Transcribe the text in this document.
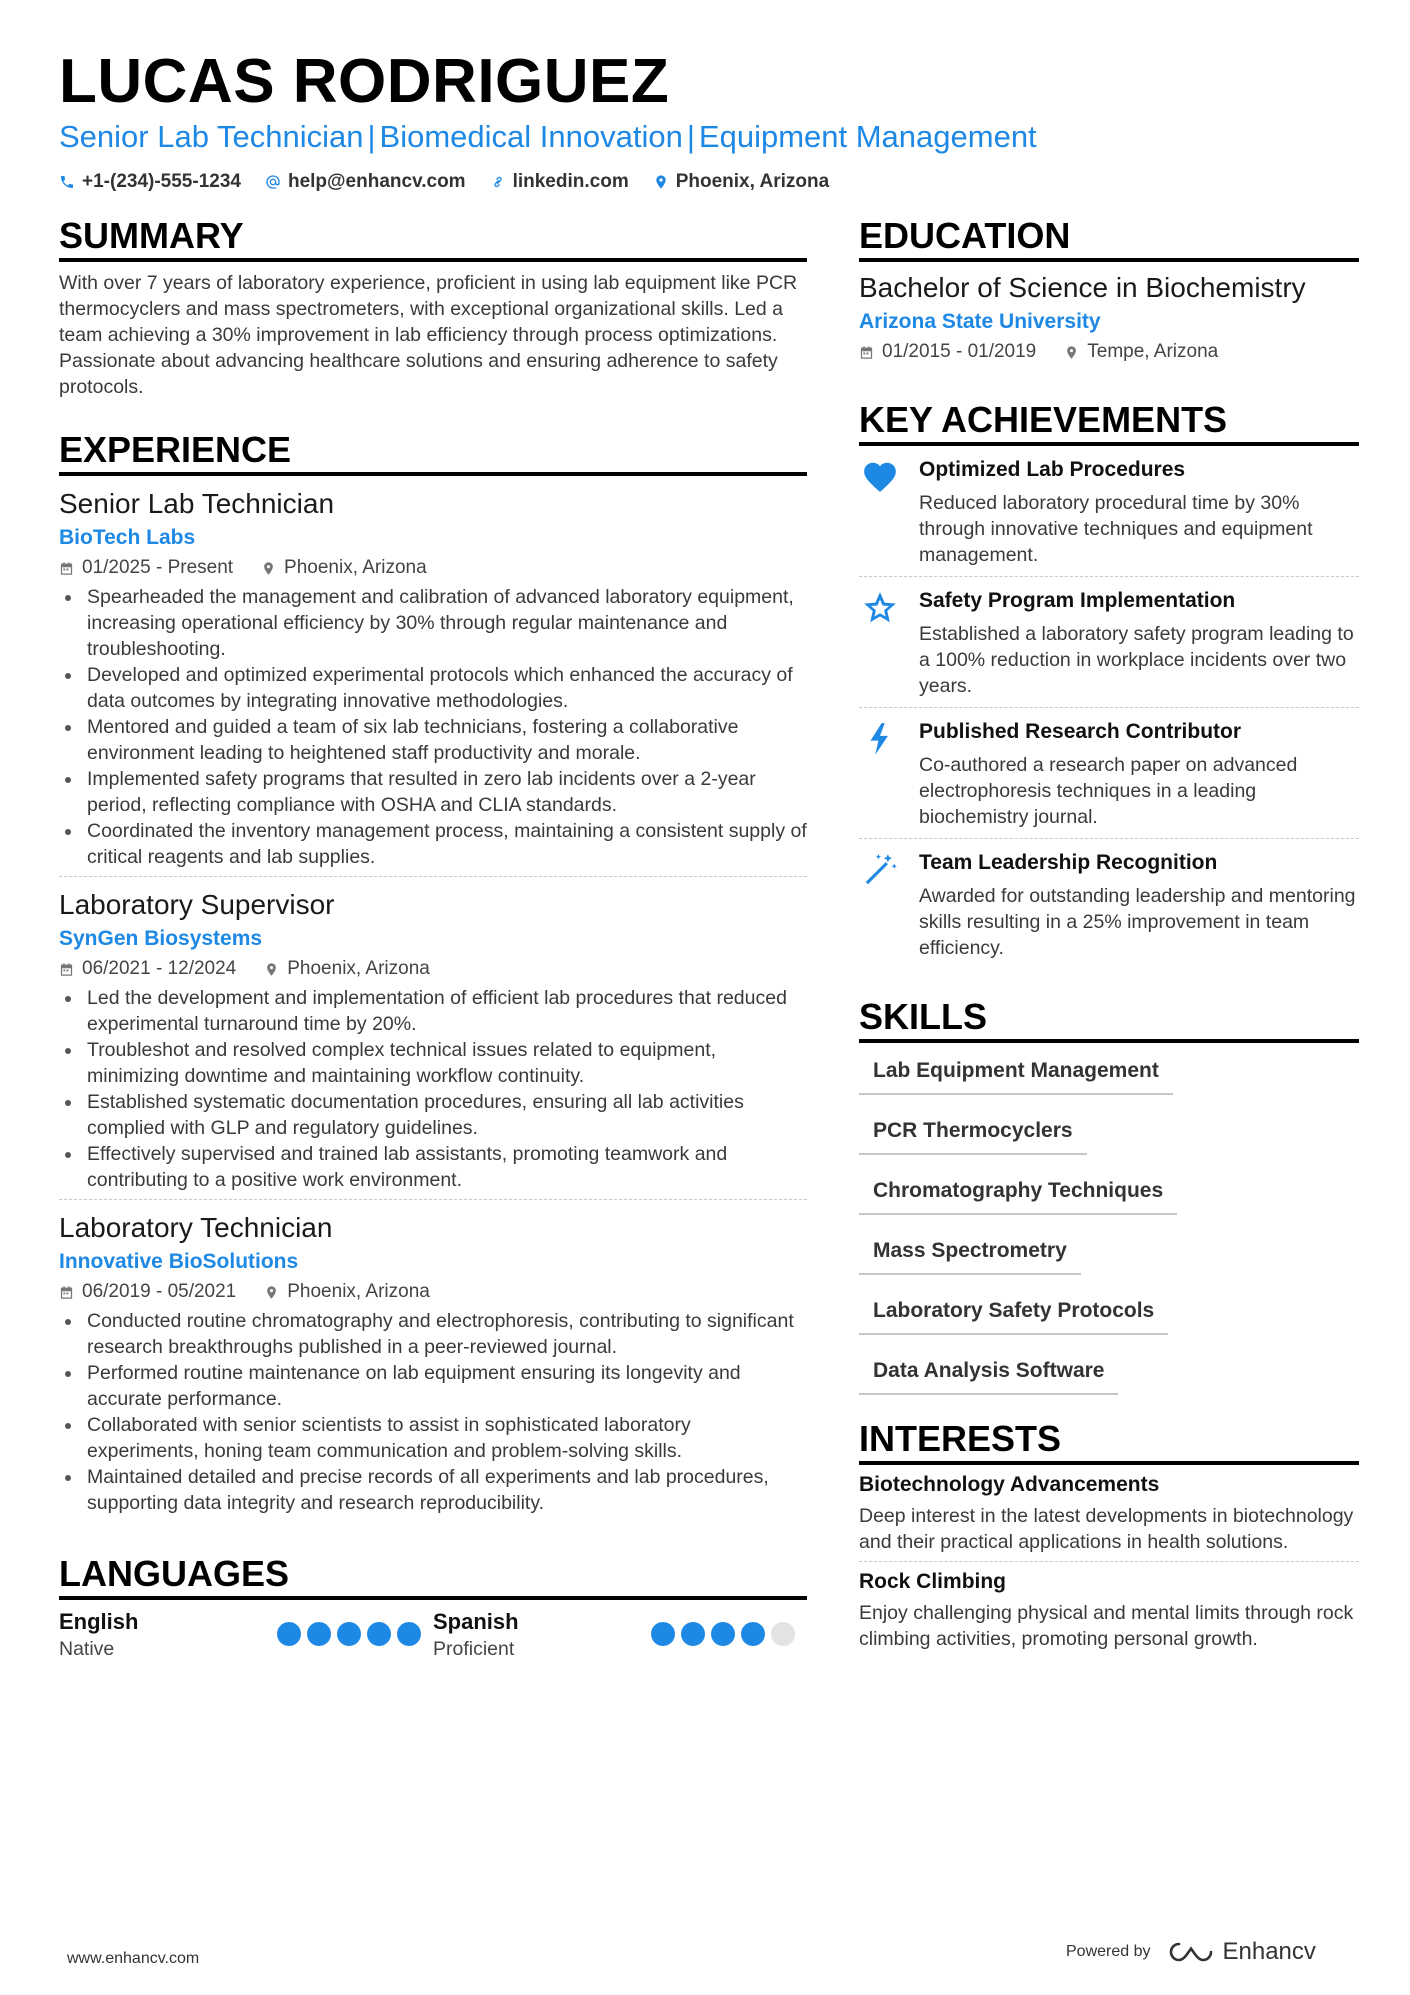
LUCAS RODRIGUEZ
Senior Lab Technician | Biomedical Innovation | Equipment Management
+1-(234)-555-1234 help@enhancv.com linkedin.com Phoenix, Arizona
SUMMARY

With over 7 years of laboratory experience, proficient in using lab equipment like PCR thermocyclers and mass spectrometers, with exceptional organizational skills. Led a team achieving a 30% improvement in lab efficiency through process optimizations. Passionate about advancing healthcare solutions and ensuring adherence to safety protocols.

EXPERIENCE
Senior Lab Technician
BioTech Labs
01/2025 - Present	Phoenix, Arizona
Spearheaded the management and calibration of advanced laboratory equipment, increasing operational efficiency by 30% through regular maintenance and troubleshooting.
Developed and optimized experimental protocols which enhanced the accuracy of data outcomes by integrating innovative methodologies.
Mentored and guided a team of six lab technicians, fostering a collaborative environment leading to heightened staff productivity and morale.
Implemented safety programs that resulted in zero lab incidents over a 2-year period, reflecting compliance with OSHA and CLIA standards.
Coordinated the inventory management process, maintaining a consistent supply of critical reagents and lab supplies.
Laboratory Supervisor
SynGen Biosystems
06/2021 - 12/2024	Phoenix, Arizona
Led the development and implementation of efficient lab procedures that reduced experimental turnaround time by 20%.
Troubleshot and resolved complex technical issues related to equipment, minimizing downtime and maintaining workflow continuity.
Established systematic documentation procedures, ensuring all lab activities complied with GLP and regulatory guidelines.
Effectively supervised and trained lab assistants, promoting teamwork and contributing to a positive work environment.
Laboratory Technician
Innovative BioSolutions
06/2019 - 05/2021	Phoenix, Arizona
Conducted routine chromatography and electrophoresis, contributing to significant research breakthroughs published in a peer-reviewed journal.
Performed routine maintenance on lab equipment ensuring its longevity and accurate performance.
Collaborated with senior scientists to assist in sophisticated laboratory experiments, honing team communication and problem-solving skills.
Maintained detailed and precise records of all experiments and lab procedures, supporting data integrity and research reproducibility.
LANGUAGES
English
Native
Spanish
Proficient
EDUCATION
Bachelor of Science in Biochemistry
Arizona State University
01/2015 - 01/2019	Tempe, Arizona
KEY ACHIEVEMENTS
Optimized Lab Procedures
Reduced laboratory procedural time by 30% through innovative techniques and equipment management.
Safety Program Implementation
Established a laboratory safety program leading to a 100% reduction in workplace incidents over two years.
Published Research Contributor
Co-authored a research paper on advanced electrophoresis techniques in a leading biochemistry journal.
Team Leadership Recognition
Awarded for outstanding leadership and mentoring skills resulting in a 25% improvement in team efficiency.
SKILLS
Lab Equipment Management
PCR Thermocyclers
Chromatography Techniques
Mass Spectrometry
Laboratory Safety Protocols
Data Analysis Software
INTERESTS
Biotechnology Advancements
Deep interest in the latest developments in biotechnology and their practical applications in health solutions.
Rock Climbing
Enjoy challenging physical and mental limits through rock climbing activities, promoting personal growth.
www.enhancv.com	Powered by	Enhancv
